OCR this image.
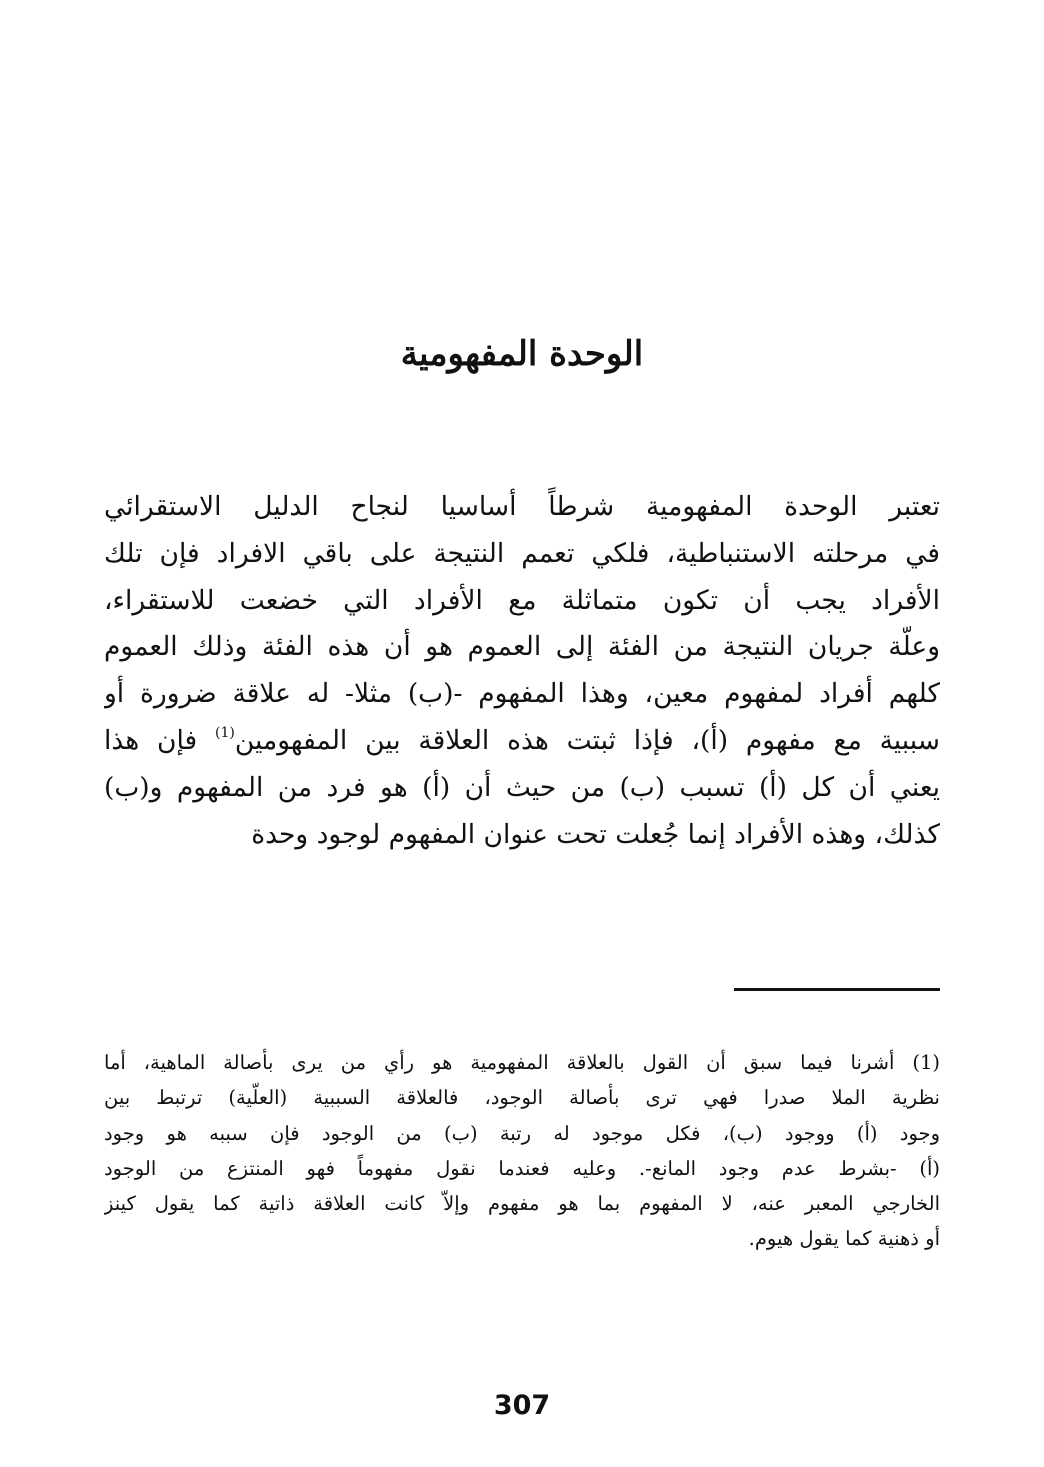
الوحدة المفهومية
تعتبر الوحدة المفهومية شرطاً أساسيا لنجاح الدليل الاستقرائي
في مرحلته الاستنباطية، فلكي تعمم النتيجة على باقي الافراد فإن تلك
الأفراد يجب أن تكون متماثلة مع الأفراد التي خضعت للاستقراء،
وعلّة جريان النتيجة من الفئة إلى العموم هو أن هذه الفئة وذلك العموم
كلهم أفراد لمفهوم معين، وهذا المفهوم -(ب) مثلا- له علاقة ضرورة أو
سببية مع مفهوم (أ)، فإذا ثبتت هذه العلاقة بين المفهومين$^{(1)}$ فإن هذا
يعني أن كل (أ) تسبب (ب) من حيث أن (أ) هو فرد من المفهوم و(ب)
كذلك، وهذه الأفراد إنما جُعلت تحت عنوان المفهوم لوجود وحدة
(1) أشرنا فيما سبق أن القول بالعلاقة المفهومية هو رأي من يرى بأصالة الماهية، أما
نظرية الملا صدرا فهي ترى بأصالة الوجود، فالعلاقة السببية (العلّية) ترتبط بين
وجود (أ) ووجود (ب)، فكل موجود له رتبة (ب) من الوجود فإن سببه هو وجود
(أ) -بشرط عدم وجود المانع-. وعليه فعندما نقول مفهوماً فهو المنتزع من الوجود
الخارجي المعبر عنه، لا المفهوم بما هو مفهوم وإلاّ كانت العلاقة ذاتية كما يقول كينز
أو ذهنية كما يقول هيوم.
307
